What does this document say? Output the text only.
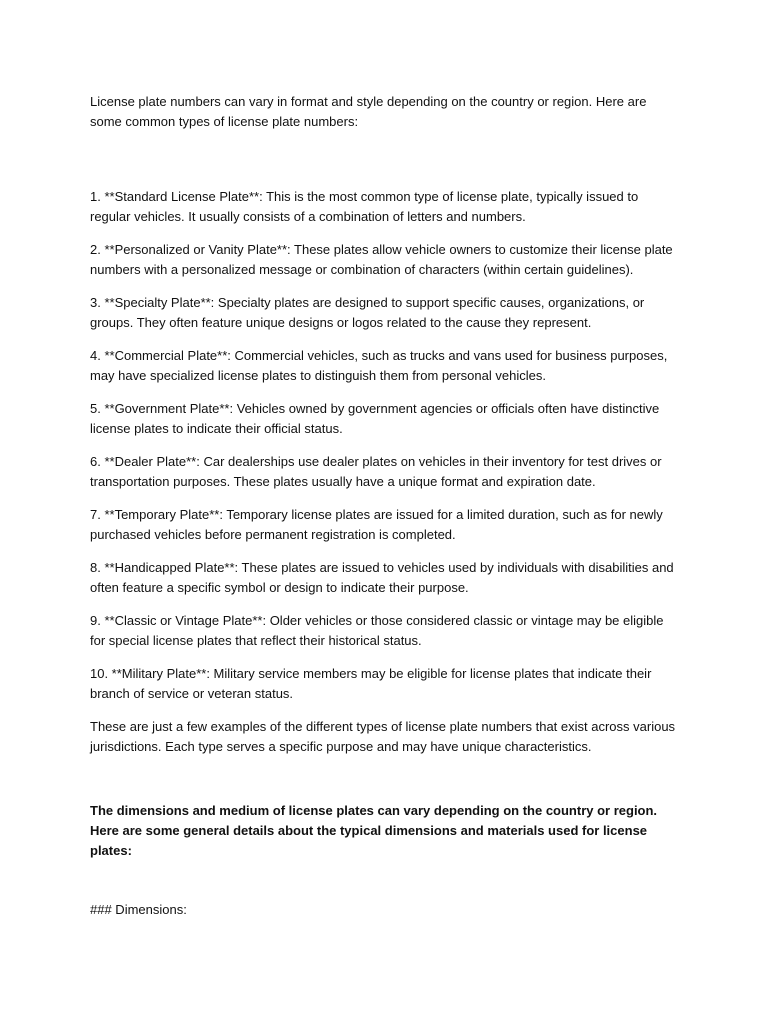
License plate numbers can vary in format and style depending on the country or region. Here are some common types of license plate numbers:

1. **Standard License Plate**: This is the most common type of license plate, typically issued to regular vehicles. It usually consists of a combination of letters and numbers.

2. **Personalized or Vanity Plate**: These plates allow vehicle owners to customize their license plate numbers with a personalized message or combination of characters (within certain guidelines).

3. **Specialty Plate**: Specialty plates are designed to support specific causes, organizations, or groups. They often feature unique designs or logos related to the cause they represent.

4. **Commercial Plate**: Commercial vehicles, such as trucks and vans used for business purposes, may have specialized license plates to distinguish them from personal vehicles.

5. **Government Plate**: Vehicles owned by government agencies or officials often have distinctive license plates to indicate their official status.

6. **Dealer Plate**: Car dealerships use dealer plates on vehicles in their inventory for test drives or transportation purposes. These plates usually have a unique format and expiration date.

7. **Temporary Plate**: Temporary license plates are issued for a limited duration, such as for newly purchased vehicles before permanent registration is completed.

8. **Handicapped Plate**: These plates are issued to vehicles used by individuals with disabilities and often feature a specific symbol or design to indicate their purpose.

9. **Classic or Vintage Plate**: Older vehicles or those considered classic or vintage may be eligible for special license plates that reflect their historical status.

10. **Military Plate**: Military service members may be eligible for license plates that indicate their branch of service or veteran status.

These are just a few examples of the different types of license plate numbers that exist across various jurisdictions. Each type serves a specific purpose and may have unique characteristics.

The dimensions and medium of license plates can vary depending on the country or region. Here are some general details about the typical dimensions and materials used for license plates:

### Dimensions:
